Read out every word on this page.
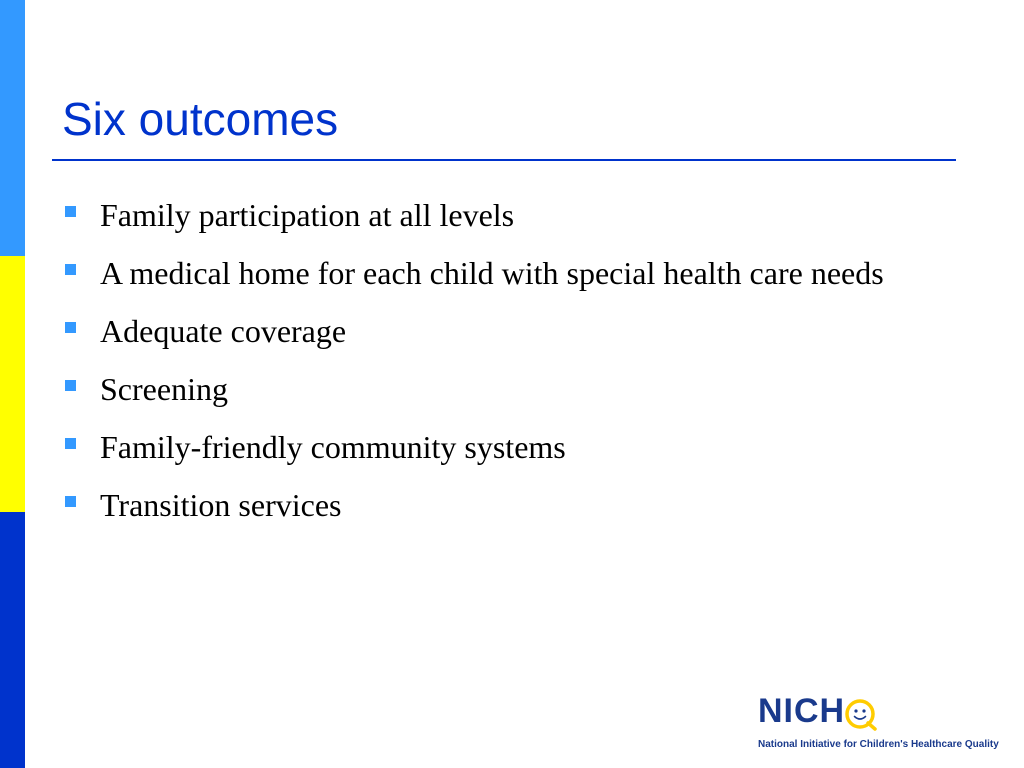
Six outcomes
Family participation at all levels
A medical home for each child with special health care needs
Adequate coverage
Screening
Family-friendly community systems
Transition services
NICH
National Initiative for Children's Healthcare Quality
